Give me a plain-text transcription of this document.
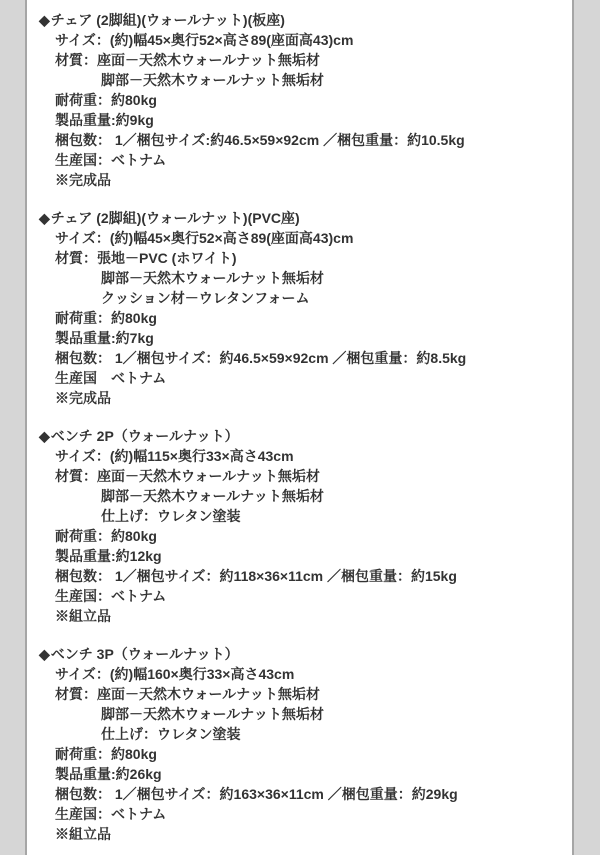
◆チェア (2脚組)(ウォールナット)(板座)
サイズ：(約)幅45×奥行52×高さ89(座面高43)cm
材質：座面－天然木ウォールナット無垢材
脚部－天然木ウォールナット無垢材
耐荷重：約80kg
製品重量:約9kg
梱包数： 1／梱包サイズ:約46.5×59×92cm ／梱包重量：約10.5kg
生産国：ベトナム
※完成品
◆チェア (2脚組)(ウォールナット)(PVC座)
サイズ：(約)幅45×奥行52×高さ89(座面高43)cm
材質：張地－PVC (ホワイト)
脚部－天然木ウォールナット無垢材
クッション材－ウレタンフォーム
耐荷重：約80kg
製品重量:約7kg
梱包数： 1／梱包サイズ：約46.5×59×92cm ／梱包重量：約8.5kg
生産国　ベトナム
※完成品
◆ベンチ 2P（ウォールナット）
サイズ：(約)幅115×奥行33×高さ43cm
材質：座面－天然木ウォールナット無垢材
脚部－天然木ウォールナット無垢材
仕上げ：ウレタン塗装
耐荷重：約80kg
製品重量:約12kg
梱包数： 1／梱包サイズ：約118×36×11cm ／梱包重量：約15kg
生産国：ベトナム
※組立品
◆ベンチ 3P（ウォールナット）
サイズ：(約)幅160×奥行33×高さ43cm
材質：座面－天然木ウォールナット無垢材
脚部－天然木ウォールナット無垢材
仕上げ：ウレタン塗装
耐荷重：約80kg
製品重量:約26kg
梱包数： 1／梱包サイズ：約163×36×11cm ／梱包重量：約29kg
生産国：ベトナム
※組立品
